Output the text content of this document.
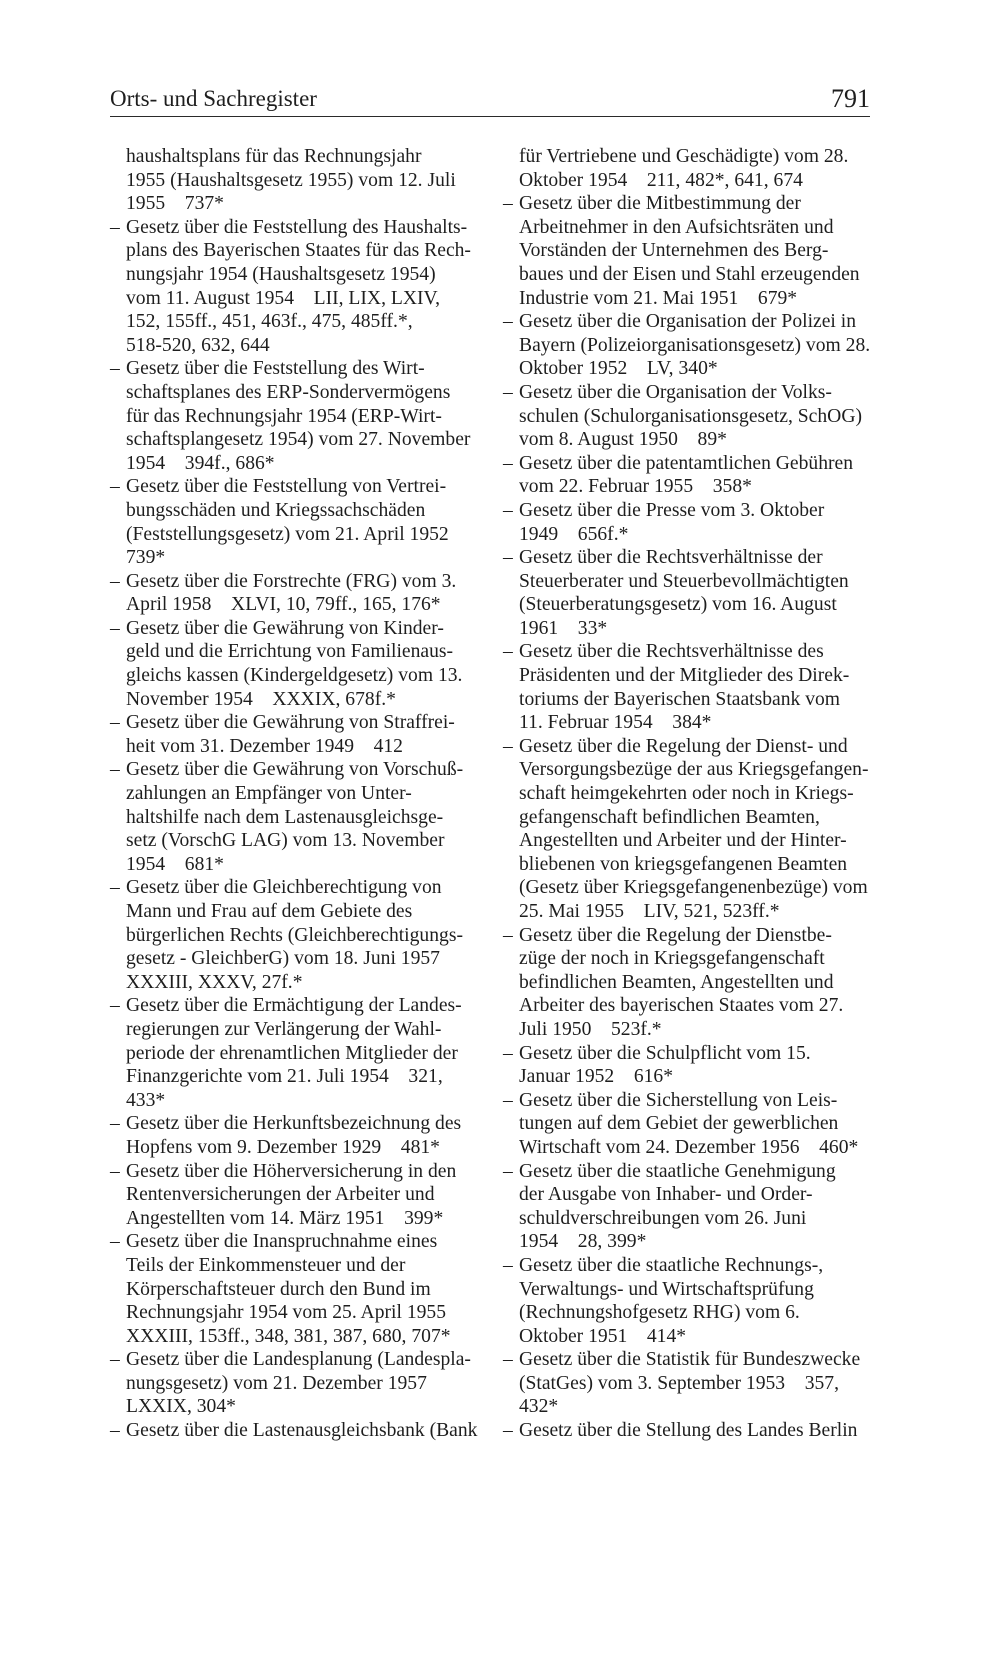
Orts- und Sachregister	791
haushaltsplans für das Rechnungsjahr
1955 (Haushaltsgesetz 1955) vom 12. Juli
1955    737*
– Gesetz über die Feststellung des Haushalts-
plans des Bayerischen Staates für das Rech-
nungsjahr 1954 (Haushaltsgesetz 1954)
vom 11. August 1954    LII, LIX, LXIV,
152, 155ff., 451, 463f., 475, 485ff.*,
518-520, 632, 644
– Gesetz über die Feststellung des Wirt-
schaftsplanes des ERP-Sondervermögens
für das Rechnungsjahr 1954 (ERP-Wirt-
schaftsplangesetz 1954) vom 27. November
1954    394f., 686*
– Gesetz über die Feststellung von Vertrei-
bungsschäden und Kriegssachschäden
(Feststellungsgesetz) vom 21. April 1952
739*
– Gesetz über die Forstrechte (FRG) vom 3.
April 1958    XLVI, 10, 79ff., 165, 176*
– Gesetz über die Gewährung von Kinder-
geld und die Errichtung von Familienaus-
gleichs kassen (Kindergeldgesetz) vom 13.
November 1954    XXXIX, 678f.*
– Gesetz über die Gewährung von Straffrei-
heit vom 31. Dezember 1949    412
– Gesetz über die Gewährung von Vorschuß-
zahlungen an Empfänger von Unter-
haltshilfe nach dem Lastenausgleichsge-
setz (VorschG LAG) vom 13. November
1954    681*
– Gesetz über die Gleichberechtigung von
Mann und Frau auf dem Gebiete des
bürgerlichen Rechts (Gleichberechtigungs-
gesetz - GleichberG) vom 18. Juni 1957
XXXIII, XXXV, 27f.*
– Gesetz über die Ermächtigung der Landes-
regierungen zur Verlängerung der Wahl-
periode der ehrenamtlichen Mitglieder der
Finanzgerichte vom 21. Juli 1954    321,
433*
– Gesetz über die Herkunftsbezeichnung des
Hopfens vom 9. Dezember 1929    481*
– Gesetz über die Höherversicherung in den
Rentenversicherungen der Arbeiter und
Angestellten vom 14. März 1951    399*
– Gesetz über die Inanspruchnahme eines
Teils der Einkommensteuer und der
Körperschaftsteuer durch den Bund im
Rechnungsjahr 1954 vom 25. April 1955
XXXIII, 153ff., 348, 381, 387, 680, 707*
– Gesetz über die Landesplanung (Landespla-
nungsgesetz) vom 21. Dezember 1957
LXXIX, 304*
– Gesetz über die Lastenausgleichsbank (Bank
für Vertriebene und Geschädigte) vom 28.
Oktober 1954    211, 482*, 641, 674
– Gesetz über die Mitbestimmung der
Arbeitnehmer in den Aufsichtsräten und
Vorständen der Unternehmen des Berg-
baues und der Eisen und Stahl erzeugenden
Industrie vom 21. Mai 1951    679*
– Gesetz über die Organisation der Polizei in
Bayern (Polizeiorganisationsgesetz) vom 28.
Oktober 1952    LV, 340*
– Gesetz über die Organisation der Volks-
schulen (Schulorganisationsgesetz, SchOG)
vom 8. August 1950    89*
– Gesetz über die patentamtlichen Gebühren
vom 22. Februar 1955    358*
– Gesetz über die Presse vom 3. Oktober
1949    656f.*
– Gesetz über die Rechtsverhältnisse der
Steuerberater und Steuerbevollmächtigten
(Steuerberatungsgesetz) vom 16. August
1961    33*
– Gesetz über die Rechtsverhältnisse des
Präsidenten und der Mitglieder des Direk-
toriums der Bayerischen Staatsbank vom
11. Februar 1954    384*
– Gesetz über die Regelung der Dienst- und
Versorgungsbezüge der aus Kriegsgefangen-
schaft heimgekehrten oder noch in Kriegs-
gefangenschaft befindlichen Beamten,
Angestellten und Arbeiter und der Hinter-
bliebenen von kriegsgefangenen Beamten
(Gesetz über Kriegsgefangenenbezüge) vom
25. Mai 1955    LIV, 521, 523ff.*
– Gesetz über die Regelung der Dienstbe-
züge der noch in Kriegsgefangenschaft
befindlichen Beamten, Angestellten und
Arbeiter des bayerischen Staates vom 27.
Juli 1950    523f.*
– Gesetz über die Schulpflicht vom 15.
Januar 1952    616*
– Gesetz über die Sicherstellung von Leis-
tungen auf dem Gebiet der gewerblichen
Wirtschaft vom 24. Dezember 1956    460*
– Gesetz über die staatliche Genehmigung
der Ausgabe von Inhaber- und Order-
schuldverschreibungen vom 26. Juni
1954    28, 399*
– Gesetz über die staatliche Rechnungs-,
Verwaltungs- und Wirtschaftsprüfung
(Rechnungshofgesetz RHG) vom 6.
Oktober 1951    414*
– Gesetz über die Statistik für Bundeszwecke
(StatGes) vom 3. September 1953    357,
432*
– Gesetz über die Stellung des Landes Berlin
